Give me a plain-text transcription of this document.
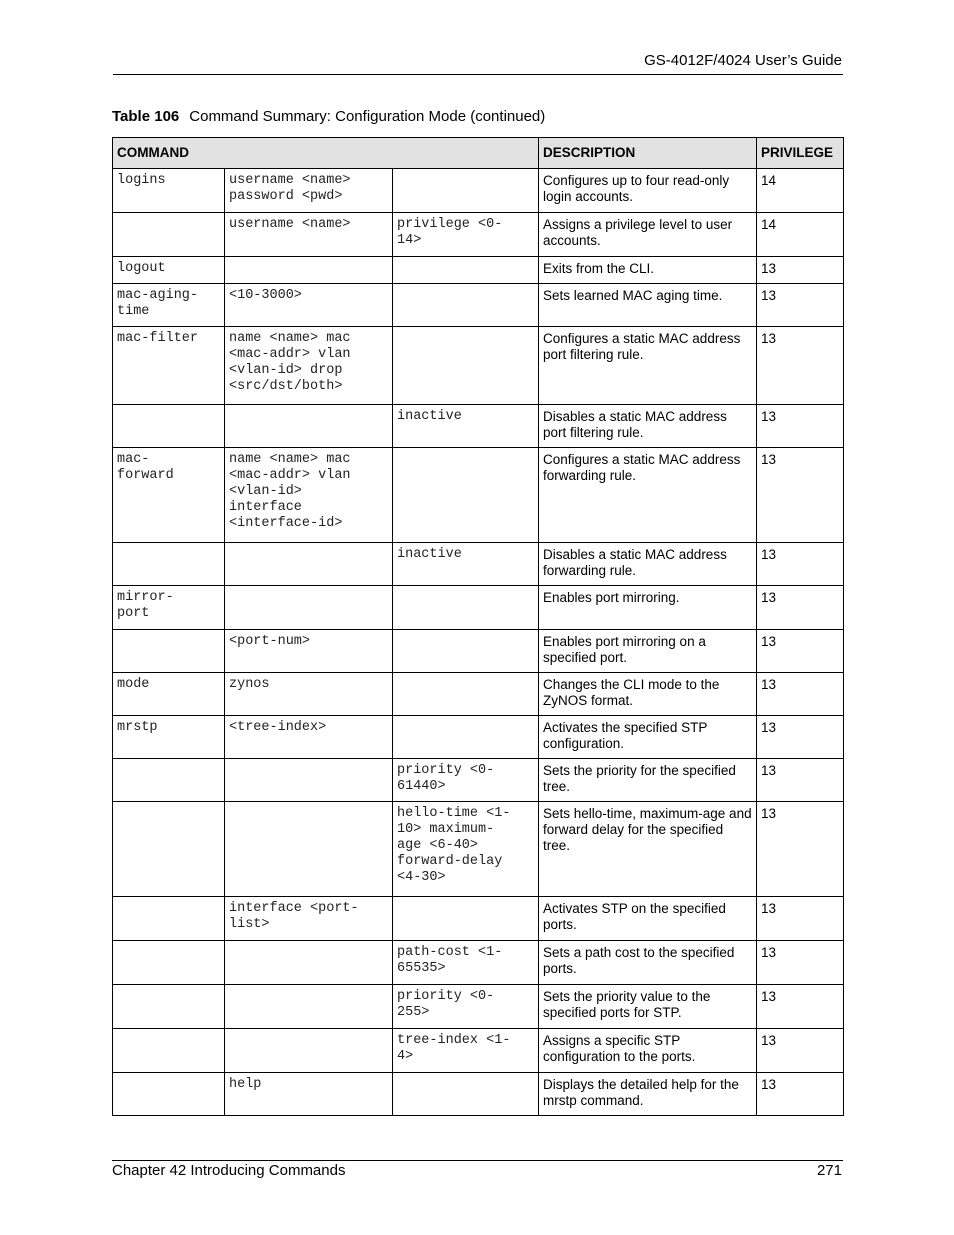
GS-4012F/4024 User’s Guide
Table 106 Command Summary: Configuration Mode (continued)
COMMAND			DESCRIPTION	PRIVILEGE
logins	username <name>
password <pwd>		Configures up to four read-only login accounts.	14
	username <name>	privilege <0-
14>	Assigns a privilege level to user accounts.	14
logout			Exits from the CLI.	13
mac-aging-
time	<10-3000>		Sets learned MAC aging time.	13
mac-filter	name <name> mac
<mac-addr> vlan
<vlan-id> drop
<src/dst/both>		Configures a static MAC address port filtering rule.	13
		inactive	Disables a static MAC address port filtering rule.	13
mac-
forward	name <name> mac
<mac-addr> vlan
<vlan-id>
interface
<interface-id>		Configures a static MAC address forwarding rule.	13
		inactive	Disables a static MAC address forwarding rule.	13
mirror-
port			Enables port mirroring.	13
	<port-num>		Enables port mirroring on a specified port.	13
mode	zynos		Changes the CLI mode to the ZyNOS format.	13
mrstp	<tree-index>		Activates the specified STP configuration.	13
		priority <0-
61440>	Sets the priority for the specified tree.	13
		hello-time <1-
10> maximum-
age <6-40>
forward-delay
<4-30>	Sets hello-time, maximum-age and forward delay for the specified tree.	13
	interface <port-
list>		Activates STP on the specified ports.	13
		path-cost <1-
65535>	Sets a path cost to the specified ports.	13
		priority <0-
255>	Sets the priority value to the specified ports for STP.	13
		tree-index <1-
4>	Assigns a specific STP configuration to the ports.	13
	help		Displays the detailed help for the mrstp command.	13
Chapter 42 Introducing Commands	271
